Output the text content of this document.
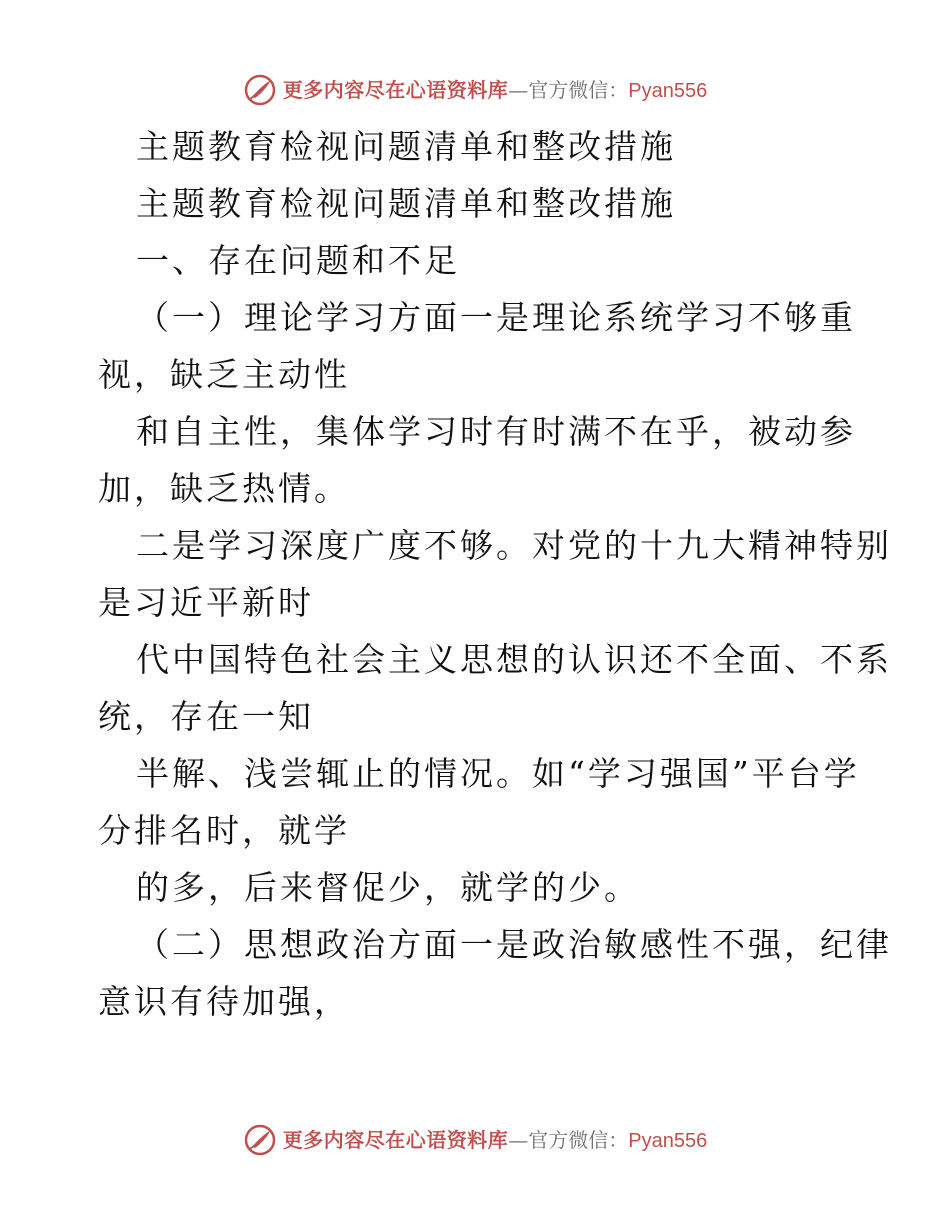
更多内容尽在心语资料库 — 官方微信： Pyan556
主题教育检视问题清单和整改措施
主题教育检视问题清单和整改措施
一、存在问题和不足
（一）理论学习方面一是理论系统学习不够重
视，缺乏主动性
和自主性，集体学习时有时满不在乎，被动参
加，缺乏热情。
二是学习深度广度不够。对党的十九大精神特别
是习近平新时
代中国特色社会主义思想的认识还不全面、不系
统，存在一知
半解、浅尝辄止的情况。如“学习强国”平台学
分排名时，就学
的多，后来督促少，就学的少。
（二）思想政治方面一是政治敏感性不强，纪律
意识有待加强，
更多内容尽在心语资料库 — 官方微信： Pyan556
